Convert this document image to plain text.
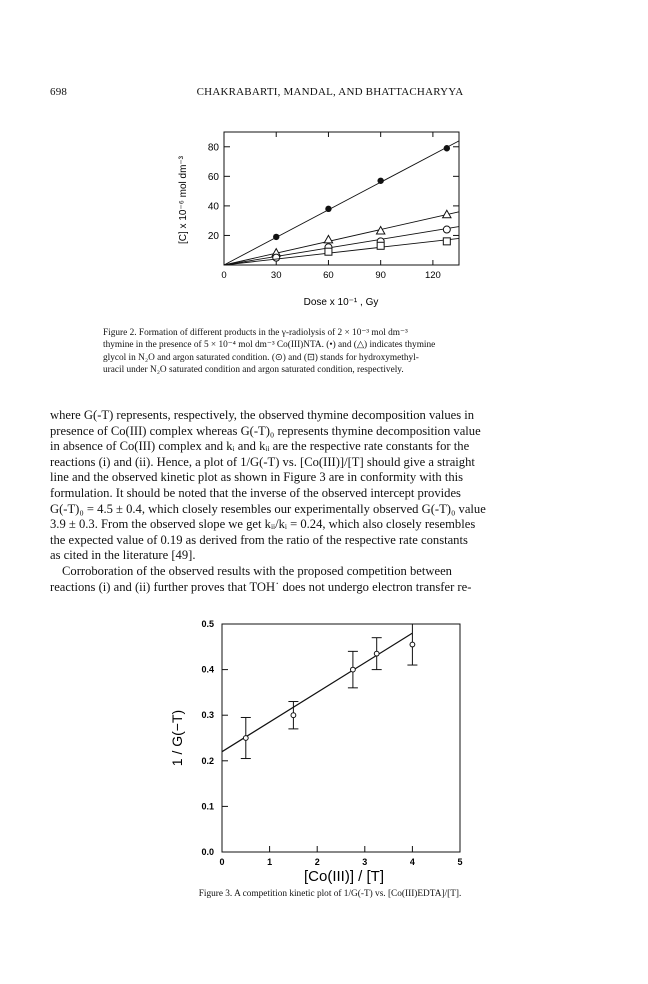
698	CHAKRABARTI, MANDAL, AND BHATTACHARYYA
[C] x 10⁻⁶ mol dm⁻³
Dose x 10⁻¹ , Gy
0	30	60	90	120
20
40
60
80
Figure 2. Formation of different products in the γ-radiolysis of 2 × 10⁻³ mol dm⁻³
thymine in the presence of 5 × 10⁻⁴ mol dm⁻³ Co(III)NTA. (•) and (△) indicates thymine
glycol in N₂O and argon saturated condition. (⊙) and (⊡) stands for hydroxymethyl-
uracil under N₂O saturated condition and argon saturated condition, respectively.

where G(-T) represents, respectively, the observed thymine decomposition values in

presence of Co(III) complex whereas G(-T)₀ represents thymine decomposition value

in absence of Co(III) complex and kᵢ and kᵢᵢ are the respective rate constants for the

reactions (i) and (ii). Hence, a plot of 1/G(-T) vs. [Co(III)]/[T] should give a straight

line and the observed kinetic plot as shown in Figure 3 are in conformity with this

formulation. It should be noted that the inverse of the observed intercept provides

G(-T)₀ = 4.5 ± 0.4, which closely resembles our experimentally observed G(-T)₀ value

3.9 ± 0.3. From the observed slope we get kᵢᵢ/kᵢ = 0.24, which also closely resembles

the expected value of 0.19 as derived from the ratio of the respective rate constants

as cited in the literature [49].

Corroboration of the observed results with the proposed competition between

reactions (i) and (ii) further proves that TOH˙ does not undergo electron transfer re-

1 / G(−T)
[Co(III)] / [T]
0	1	2	3	4	5
0.0
0.1
0.2
0.3
0.4
0.5
Figure 3. A competition kinetic plot of 1/G(-T) vs. [Co(III)EDTA]/[T].
